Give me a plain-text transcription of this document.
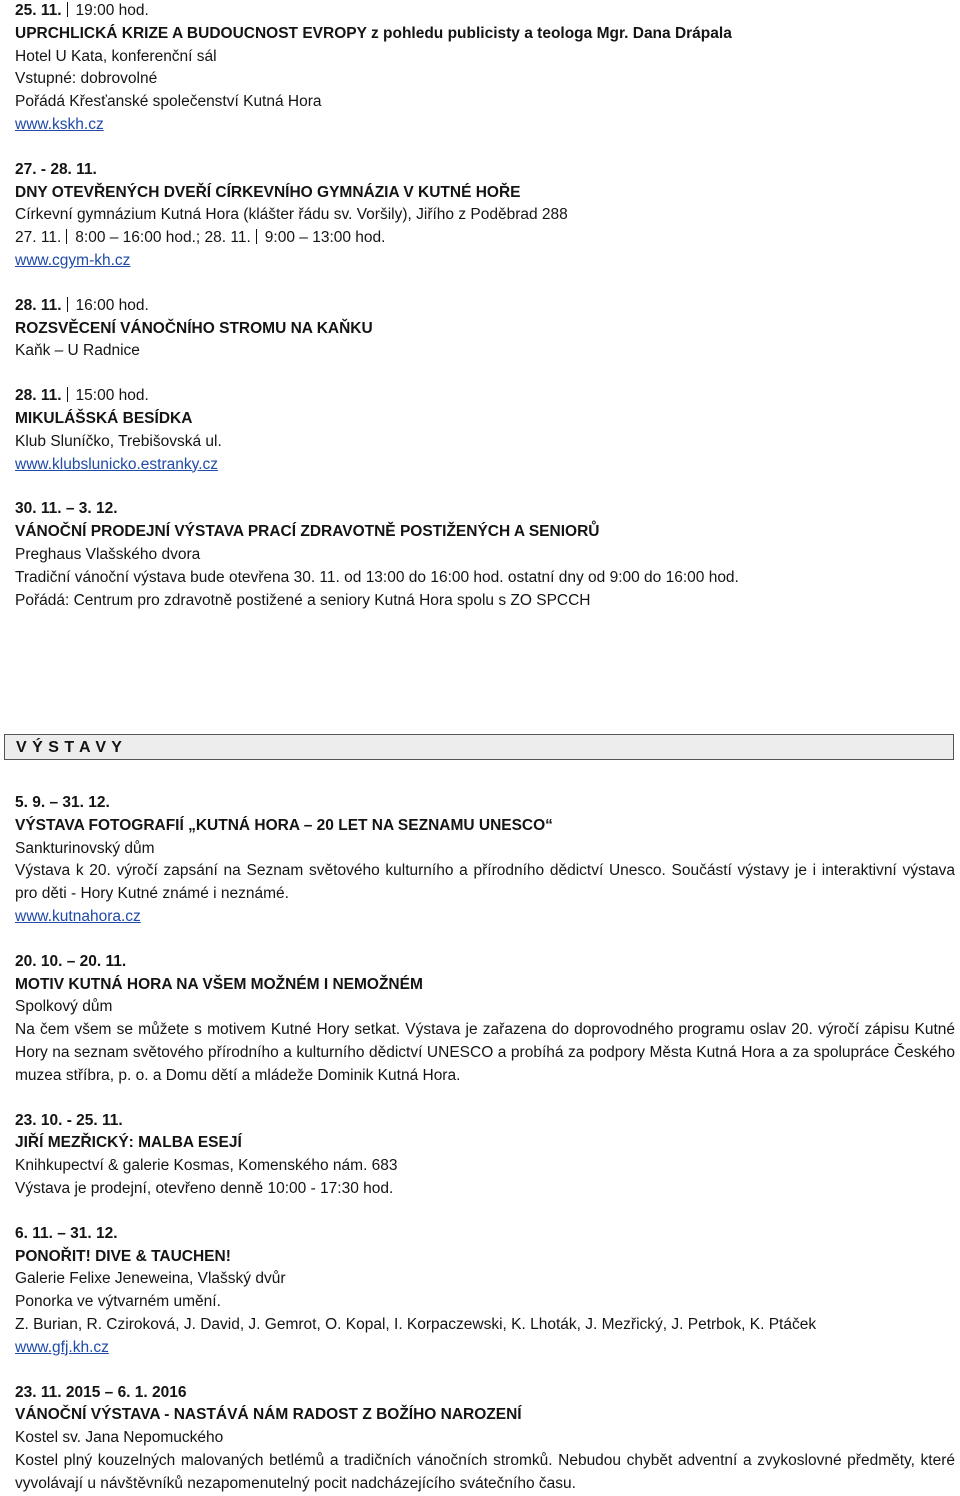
25. 11. 19:00 hod.
UPRCHLICKÁ KRIZE A BUDOUCNOST EVROPY z pohledu publicisty a teologa Mgr. Dana Drápala
Hotel U Kata, konferenční sál
Vstupné: dobrovolné
Pořádá Křesťanské společenství Kutná Hora
www.kskh.cz
27. - 28. 11.
DNY OTEVŘENÝCH DVEŘÍ CÍRKEVNÍHO GYMNÁZIA V KUTNÉ HOŘE
Církevní gymnázium Kutná Hora (klášter řádu sv. Voršily), Jiřího z Poděbrad 288
27. 11. 8:00 – 16:00 hod.; 28. 11. 9:00 – 13:00 hod.
www.cgym-kh.cz
28. 11. 16:00 hod.
ROZSVĚCENÍ VÁNOČNÍHO STROMU NA KAŇKU
Kaňk – U Radnice
28. 11. 15:00 hod.
MIKULÁŠSKÁ BESÍDKA
Klub Sluníčko, Trebišovská ul.
www.klubslunicko.estranky.cz
30. 11. – 3. 12.
VÁNOČNÍ PRODEJNÍ VÝSTAVA PRACÍ ZDRAVOTNĚ POSTIŽENÝCH A SENIORŮ
Preghaus Vlašského dvora
Tradiční vánoční výstava bude otevřena 30. 11. od 13:00 do 16:00 hod. ostatní dny od 9:00 do 16:00 hod.
Pořádá: Centrum pro zdravotně postižené a seniory Kutná Hora spolu s ZO SPCCH
V Ý S T A V Y
5. 9. – 31. 12.
VÝSTAVA FOTOGRAFIÍ „KUTNÁ HORA – 20 LET NA SEZNAMU UNESCO“
Sankturinovský dům
Výstava k 20. výročí zapsání na Seznam světového kulturního a přírodního dědictví Unesco. Součástí výstavy je i interaktivní výstava pro děti - Hory Kutné známé i neznámé.
www.kutnahora.cz
20. 10. – 20. 11.
MOTIV KUTNÁ HORA NA VŠEM MOŽNÉM I NEMOŽNÉM
Spolkový dům
Na čem všem se můžete s motivem Kutné Hory setkat. Výstava je zařazena do doprovodného programu oslav 20. výročí zápisu Kutné Hory na seznam světového přírodního a kulturního dědictví UNESCO a probíhá za podpory Města Kutná Hora a za spolupráce Českého muzea stříbra, p. o. a Domu dětí a mládeže Dominik Kutná Hora.
23. 10. - 25. 11.
JIŘÍ MEZŘICKÝ: MALBA ESEJÍ
Knihkupectví & galerie Kosmas, Komenského nám. 683
Výstava je prodejní, otevřeno denně 10:00 - 17:30 hod.
6. 11. – 31. 12.
PONOŘIT! DIVE & TAUCHEN!
Galerie Felixe Jeneweina, Vlašský dvůr
Ponorka ve výtvarném umění.
Z. Burian, R. Cziroková, J. David, J. Gemrot, O. Kopal, I. Korpaczewski, K. Lhoták, J. Mezřický, J. Petrbok, K. Ptáček
www.gfj.kh.cz
23. 11. 2015 – 6. 1. 2016
VÁNOČNÍ VÝSTAVA - NASTÁVÁ NÁM RADOST Z BOŽÍHO NAROZENÍ
Kostel sv. Jana Nepomuckého
Kostel plný kouzelných malovaných betlémů a tradičních vánočních stromků. Nebudou chybět adventní a zvykoslovné předměty, které vyvolávají u návštěvníků nezapomenutelný pocit nadcházejícího svátečního času.
